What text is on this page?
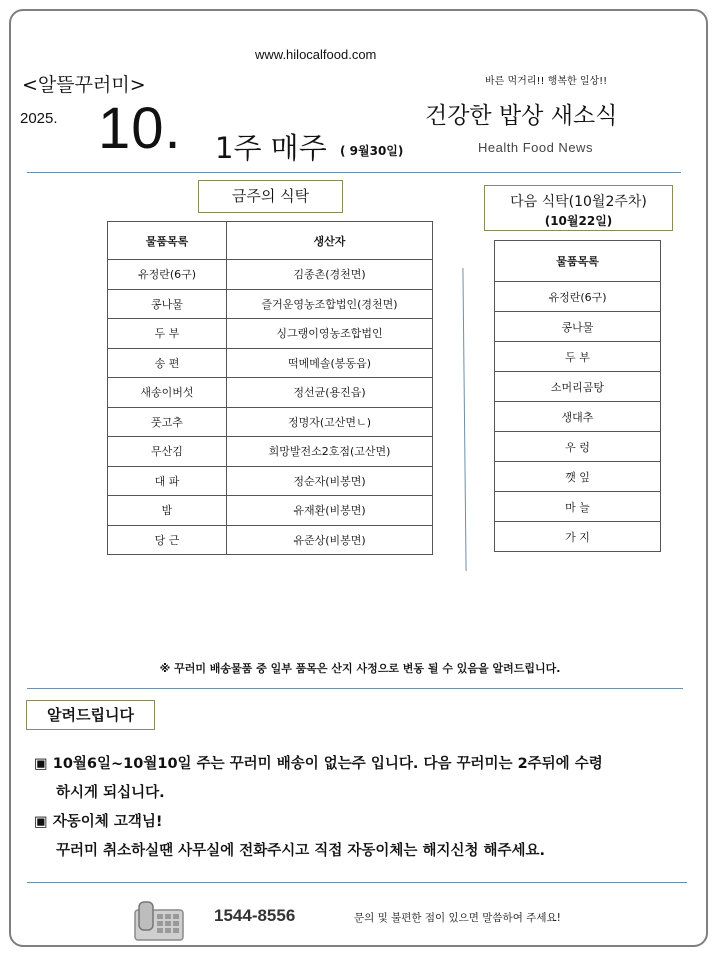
www.hilocalfood.com
<알뜰꾸러미>
2025. 10. 1주 매주 ( 9월30일)
바른 먹거리!! 행복한 일상!!
건강한 밥상 새소식
Health Food News
금주의 식탁	다음 식탁(10월2주차)
(10월22일)
물품목록	생산자
유정란(6구)	김종촌(경천면)
콩나물	즐거운영농조합법인(경천면)
두 부	싱그랭이영농조합법인
송 편	떡메메솔(봉동읍)
새송이버섯	정선균(용진읍)
풋고추	정명자(고산면ㄴ)
무산김	희망발전소2호점(고산면)
대 파	정순자(비봉면)
밤	유재환(비봉면)
당 근	유준상(비봉면)
물품목록
유정란(6구)
콩나물
두 부
소머리곰탕
생대추
우 렁
깻 잎
마 늘
가 지
※ 꾸러미 배송물품 중 일부 품목은 산지 사정으로 변동 될 수 있음을 알려드립니다.
알려드립니다
▣ 10월6일~10월10일 주는 꾸러미 배송이 없는주 입니다. 다음 꾸러미는 2주뒤에 수령
하시게 되십니다.
▣ 자동이체 고객님!
꾸러미 취소하실땐 사무실에 전화주시고 직접 자동이체는 해지신청 해주세요.
1544-8556	문의 및 불편한 점이 있으면 말씀하여 주세요!
